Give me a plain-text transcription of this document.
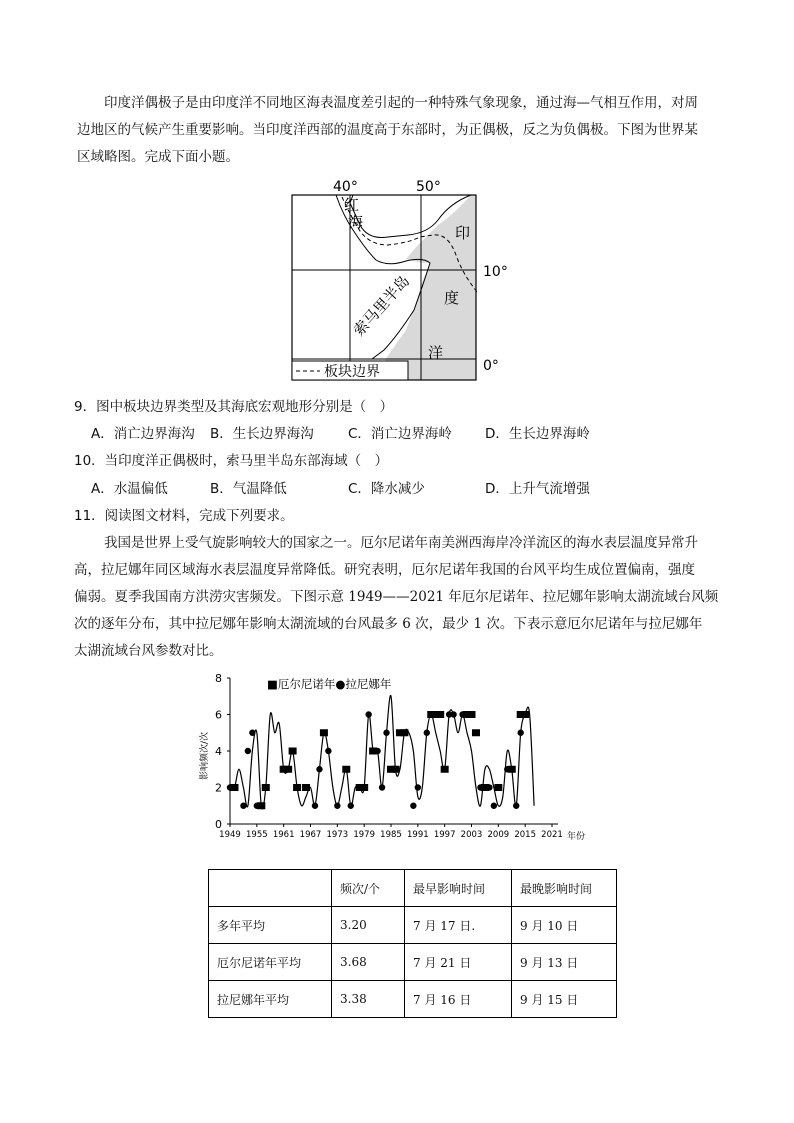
印度洋偶极子是由印度洋不同地区海表温度差引起的一种特殊气象现象，通过海—气相互作用，对周
边地区的气候产生重要影响。当印度洋西部的温度高于东部时，为正偶极，反之为负偶极。下图为世界某
区域略图。完成下面小题。
板块边界
40°	50°
10°
0°
红
海
印
度
洋
索马里半岛
9．图中板块边界类型及其海底宏观地形分别是（　）
A．消亡边界海沟 B．生长边界海沟	C．消亡边界海岭 D．生长边界海岭
10．当印度洋正偶极时，索马里半岛东部海域（　）
A．水温偏低	B．气温降低	C．降水减少	D．上升气流增强
11．阅读图文材料，完成下列要求。
我国是世界上受气旋影响较大的国家之一。厄尔尼诺年南美洲西海岸冷洋流区的海水表层温度异常升
高，拉尼娜年同区域海水表层温度异常降低。研究表明，厄尔尼诺年我国的台风平均生成位置偏南，强度
偏弱。夏季我国南方洪涝灾害频发。下图示意 1949——2021 年厄尔尼诺年、拉尼娜年影响太湖流域台风频
次的逐年分布，其中拉尼娜年影响太湖流域的台风最多 6 次，最少 1 次。下表示意厄尔尼诺年与拉尼娜年
太湖流域台风参数对比。
0
2
4
6
8
1949 1955 1961 1967 1973 1979 1985 1991 1997 2003 2009 2015 2021
■厄尔尼诺年●拉尼娜年
影响频次/次
年份
	频次/个	最早影响时间	最晚影响时间
多年平均	3.20	7 月 17 日.	9 月 10 日
厄尔尼诺年平均	3.68	7 月 21 日	9 月 13 日
拉尼娜年平均	3.38	7 月 16 日	9 月 15 日
